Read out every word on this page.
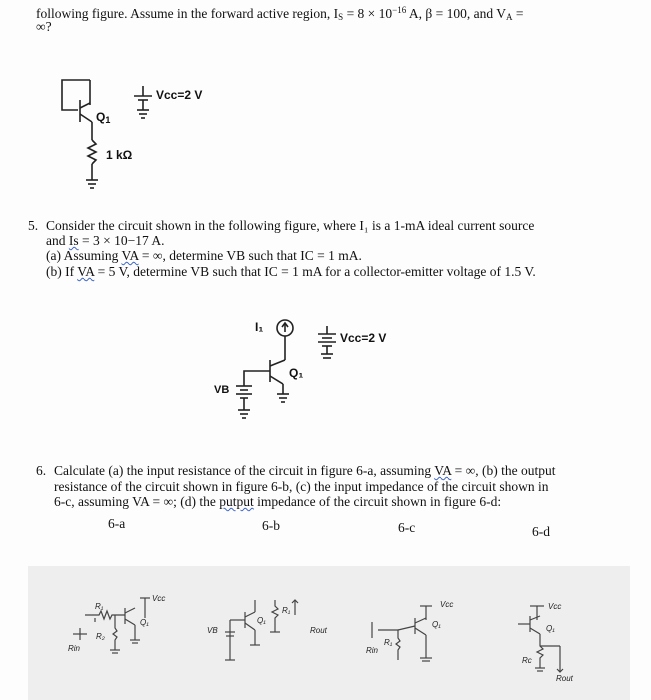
following figure. Assume in the forward active region, $I_S = 8 \times 10^{-16}$ A, β = 100, and $V_A$ =
∞?
Vcc=2 V
$Q_1$
1 kΩ
5. Consider the circuit shown in the following figure, where I₁ is a 1-mA ideal current source
and Is = 3 × 10−17 A.
(a) Assuming VA = ∞, determine VB such that IC = 1 mA.
(b) If VA = 5 V, determine VB such that IC = 1 mA for a collector-emitter voltage of 1.5 V.
I₁
Vcc=2 V
Q₁
VB
6. Calculate (a) the input resistance of the circuit in figure 6-a, assuming VA = ∞, (b) the output
resistance of the circuit shown in figure 6-b, (c) the input impedance of the circuit shown in
6-c, assuming VA = ∞; (d) the putput impedance of the circuit shown in figure 6-d:
6-a	6-b	6-c	6-d
Vcc
R₁
Q₁
R₂
Rin
VB
Q₁
R₁
Rout
Vcc
Q₁
R₁
Rin
Vcc
Q₁
Rc
Rout
